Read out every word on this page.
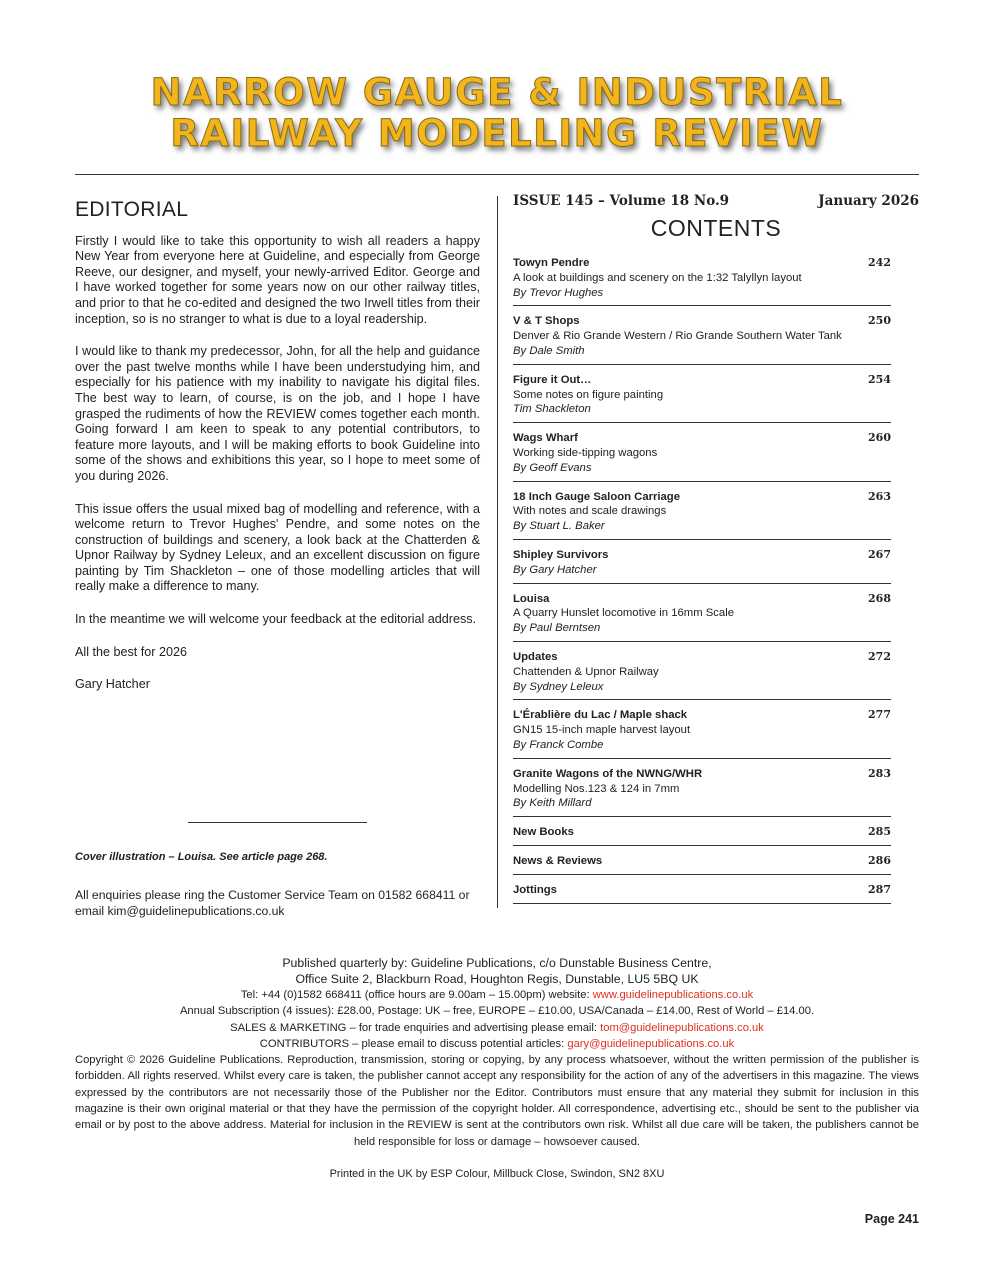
NARROW GAUGE & INDUSTRIAL
RAILWAY MODELLING REVIEW
EDITORIAL

Firstly I would like to take this opportunity to wish all readers a happy New Year from everyone here at Guideline, and especially from George Reeve, our designer, and myself, your newly-arrived Editor. George and I have worked together for some years now on our other railway titles, and prior to that he co-edited and designed the two Irwell titles from their inception, so is no stranger to what is due to a loyal readership.

I would like to thank my predecessor, John, for all the help and guidance over the past twelve months while I have been understudying him, and especially for his patience with my inability to navigate his digital files. The best way to learn, of course, is on the job, and I hope I have grasped the rudiments of how the REVIEW comes together each month. Going forward I am keen to speak to any potential contributors, to feature more layouts, and I will be making efforts to book Guideline into some of the shows and exhibitions this year, so I hope to meet some of you during 2026.

This issue offers the usual mixed bag of modelling and reference, with a welcome return to Trevor Hughes' Pendre, and some notes on the construction of buildings and scenery, a look back at the Chatterden & Upnor Railway by Sydney Leleux, and an excellent discussion on figure painting by Tim Shackleton – one of those modelling articles that will really make a difference to many.

In the meantime we will welcome your feedback at the editorial address.

All the best for 2026

Gary Hatcher

Cover illustration – Louisa. See article page 268.
All enquiries please ring the Customer Service Team on 01582 668411 or email kim@guidelinepublications.co.uk
ISSUE 145 – Volume 18 No.9	January 2026
CONTENTS
Towyn Pendre	242
A look at buildings and scenery on the 1:32 Talyllyn layout
By Trevor Hughes
V & T Shops	250
Denver & Rio Grande Western / Rio Grande Southern Water Tank
By Dale Smith
Figure it Out…	254
Some notes on figure painting
Tim Shackleton
Wags Wharf	260
Working side-tipping wagons
By Geoff Evans
18 Inch Gauge Saloon Carriage	263
With notes and scale drawings
By Stuart L. Baker
Shipley Survivors	267
By Gary Hatcher
Louisa	268
A Quarry Hunslet locomotive in 16mm Scale
By Paul Berntsen
Updates	272
Chattenden & Upnor Railway
By Sydney Leleux
L'Érablière du Lac / Maple shack	277
GN15 15-inch maple harvest layout
By Franck Combe
Granite Wagons of the NWNG/WHR	283
Modelling Nos.123 & 124 in 7mm
By Keith Millard
New Books	285
News & Reviews	286
Jottings	287
Published quarterly by: Guideline Publications, c/o Dunstable Business Centre,
Office Suite 2, Blackburn Road, Houghton Regis, Dunstable, LU5 5BQ UK
Tel: +44 (0)1582 668411 (office hours are 9.00am – 15.00pm) website: www.guidelinepublications.co.uk
Annual Subscription (4 issues): £28.00, Postage: UK – free, EUROPE – £10.00, USA/Canada – £14.00, Rest of World – £14.00.
SALES & MARKETING – for trade enquiries and advertising please email: tom@guidelinepublications.co.uk
CONTRIBUTORS – please email to discuss potential articles: gary@guidelinepublications.co.uk
Copyright © 2026 Guideline Publications. Reproduction, transmission, storing or copying, by any process whatsoever, without the written permission of the publisher is forbidden. All rights reserved. Whilst every care is taken, the publisher cannot accept any responsibility for the action of any of the advertisers in this magazine. The views expressed by the contributors are not necessarily those of the Publisher nor the Editor. Contributors must ensure that any material they submit for inclusion in this magazine is their own original material or that they have the permission of the copyright holder. All correspondence, advertising etc., should be sent to the publisher via email or by post to the above address. Material for inclusion in the REVIEW is sent at the contributors own risk. Whilst all due care will be taken, the publishers cannot be held responsible for loss or damage – howsoever caused.
Printed in the UK by ESP Colour, Millbuck Close, Swindon, SN2 8XU
Page 241
